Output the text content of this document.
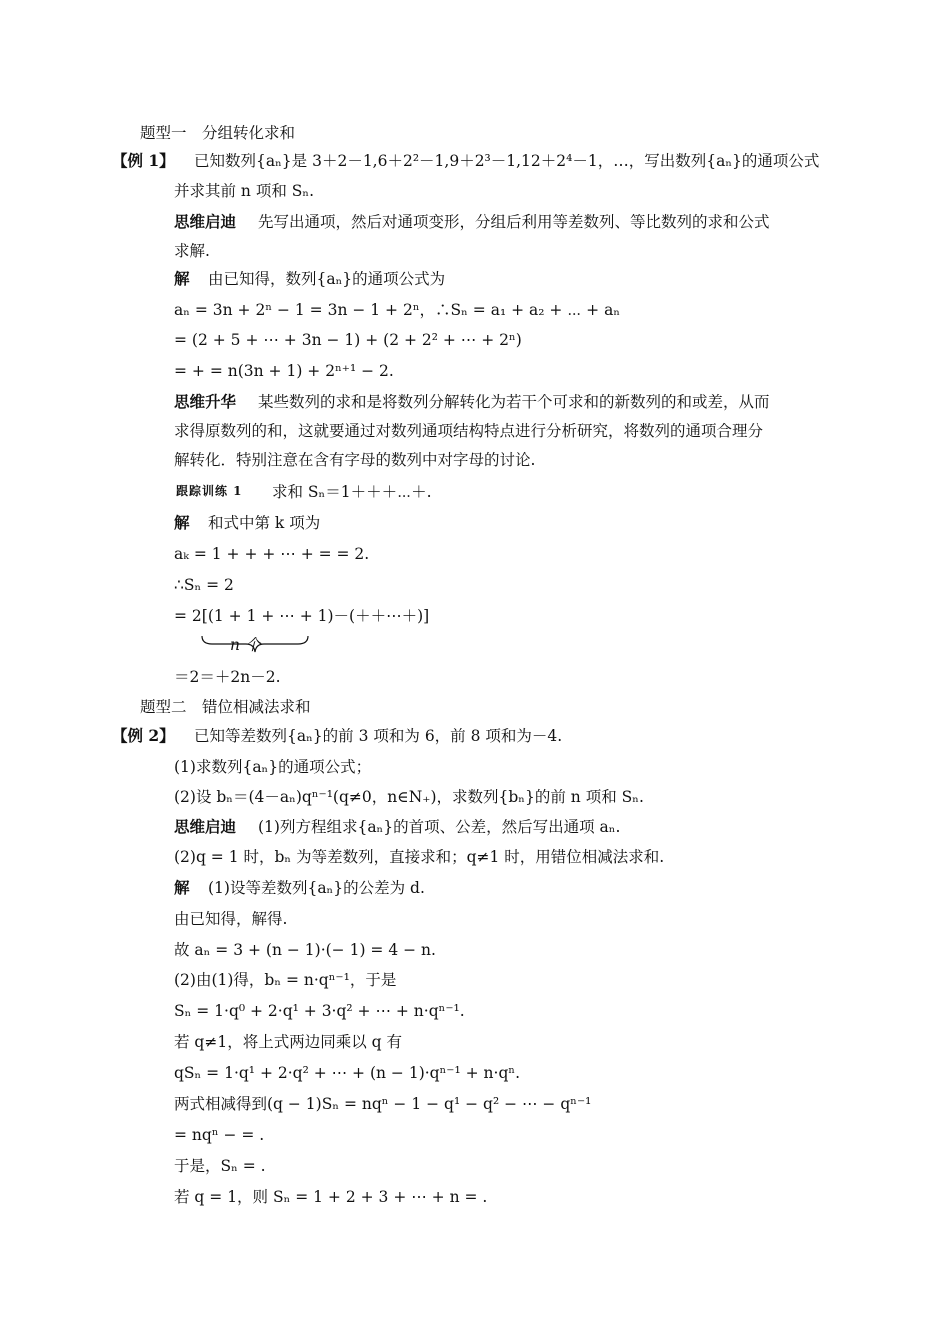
题型一　分组转化求和
【例 1】 已知数列{aₙ}是 3＋2－1,6＋2²－1,9＋2³－1,12＋2⁴－1，…，写出数列{aₙ}的通项公式
并求其前 n 项和 Sₙ.
思维启迪 先写出通项，然后对通项变形，分组后利用等差数列、等比数列的求和公式
求解.
解 由已知得，数列{aₙ}的通项公式为
aₙ = 3n + 2ⁿ − 1 = 3n − 1 + 2ⁿ，∴Sₙ = a₁ + a₂ + ⋯ + aₙ
= (2 + 5 + ⋯ + 3n − 1) + (2 + 2² + ⋯ + 2ⁿ)
= + = n(3n + 1) + 2ⁿ⁺¹ − 2.
思维升华 某些数列的求和是将数列分解转化为若干个可求和的新数列的和或差，从而
求得原数列的和，这就要通过对数列通项结构特点进行分析研究，将数列的通项合理分
解转化．特别注意在含有字母的数列中对字母的讨论.
跟踪训练 1 求和 Sₙ＝1＋＋＋⋯＋.
解 和式中第 k 项为
aₖ = 1 + + + ⋯ + = = 2.
∴Sₙ = 2
= 2[(1 + 1 + ⋯ + 1)－(＋＋⋯＋)]
n 个
＝2＝＋2n－2.
题型二　错位相减法求和
【例 2】 已知等差数列{aₙ}的前 3 项和为 6，前 8 项和为－4.
(1)求数列{aₙ}的通项公式；
(2)设 bₙ＝(4－aₙ)qⁿ⁻¹(q≠0，n∈N₊)，求数列{bₙ}的前 n 项和 Sₙ.
思维启迪 (1)列方程组求{aₙ}的首项、公差，然后写出通项 aₙ.
(2)q = 1 时，bₙ 为等差数列，直接求和；q≠1 时，用错位相减法求和.
解 (1)设等差数列{aₙ}的公差为 d.
由已知得，解得.
故 aₙ = 3 + (n − 1)·(− 1) = 4 − n.
(2)由(1)得，bₙ = n·qⁿ⁻¹，于是
Sₙ = 1·q⁰ + 2·q¹ + 3·q² + ⋯ + n·qⁿ⁻¹.
若 q≠1，将上式两边同乘以 q 有
qSₙ = 1·q¹ + 2·q² + ⋯ + (n − 1)·qⁿ⁻¹ + n·qⁿ.
两式相减得到(q − 1)Sₙ = nqⁿ − 1 − q¹ − q² − ⋯ − qⁿ⁻¹
= nqⁿ − = .
于是，Sₙ = .
若 q = 1，则 Sₙ = 1 + 2 + 3 + ⋯ + n = .
